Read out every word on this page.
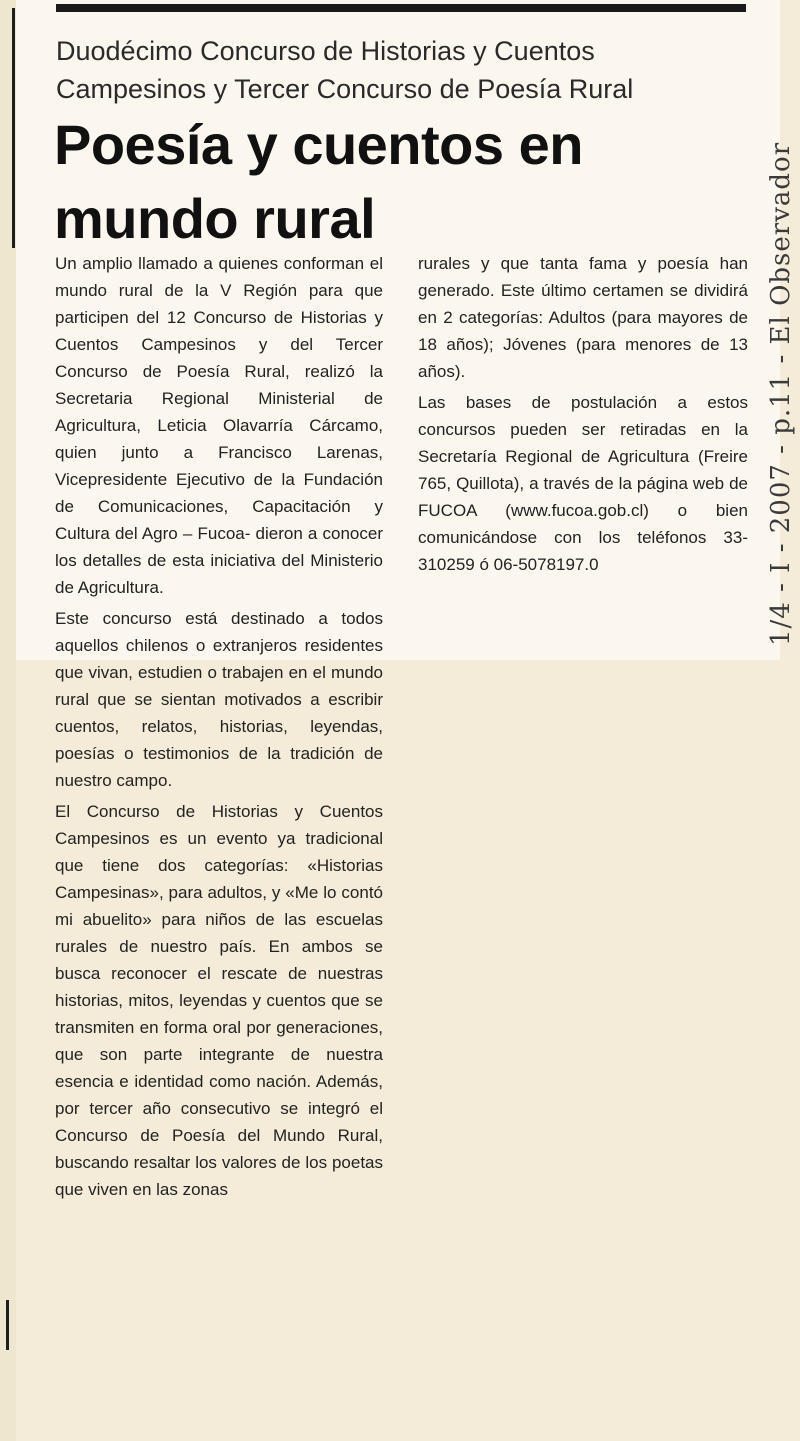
Duodécimo Concurso de Historias y Cuentos Campesinos y Tercer Concurso de Poesía Rural
Poesía y cuentos en mundo rural

Un amplio llamado a quienes conforman el mundo rural de la V Región para que participen del 12 Concurso de Historias y Cuentos Campesinos y del Tercer Concurso de Poesía Rural, realizó la Secretaria Regional Ministerial de Agricultura, Leticia Olavarría Cárcamo, quien junto a Francisco Larenas, Vicepresidente Ejecutivo de la Fundación de Comunicaciones, Capacitación y Cultura del Agro – Fucoa- dieron a conocer los detalles de esta iniciativa del Ministerio de Agricultura.

Este concurso está destinado a todos aquellos chilenos o extranjeros residentes que vivan, estudien o trabajen en el mundo rural que se sientan motivados a escribir cuentos, relatos, historias, leyendas, poesías o testimonios de la tradición de nuestro campo.

El Concurso de Historias y Cuentos Campesinos es un evento ya tradicional que tiene dos categorías: «Historias Campesinas», para adultos, y «Me lo contó mi abuelito» para niños de las escuelas rurales de nuestro país. En ambos se busca reconocer el rescate de nuestras historias, mitos, leyendas y cuentos que se transmiten en forma oral por generaciones, que son parte integrante de nuestra esencia e identidad como nación. Además, por tercer año consecutivo se integró el Concurso de Poesía del Mundo Rural, buscando resaltar los valores de los poetas que viven en las zonas

rurales y que tanta fama y poesía han generado. Este último certamen se dividirá en 2 categorías: Adultos (para mayores de 18 años); Jóvenes (para menores de 13 años).

Las bases de postulación a estos concursos pueden ser retiradas en la Secretaría Regional de Agricultura (Freire 765, Quillota), a través de la página web de FUCOA (www.fucoa.gob.cl) o bien comunicándose con los teléfonos 33-310259 ó 06-5078197.0	1/4 - I - 2007 - p.11 - El Observador
